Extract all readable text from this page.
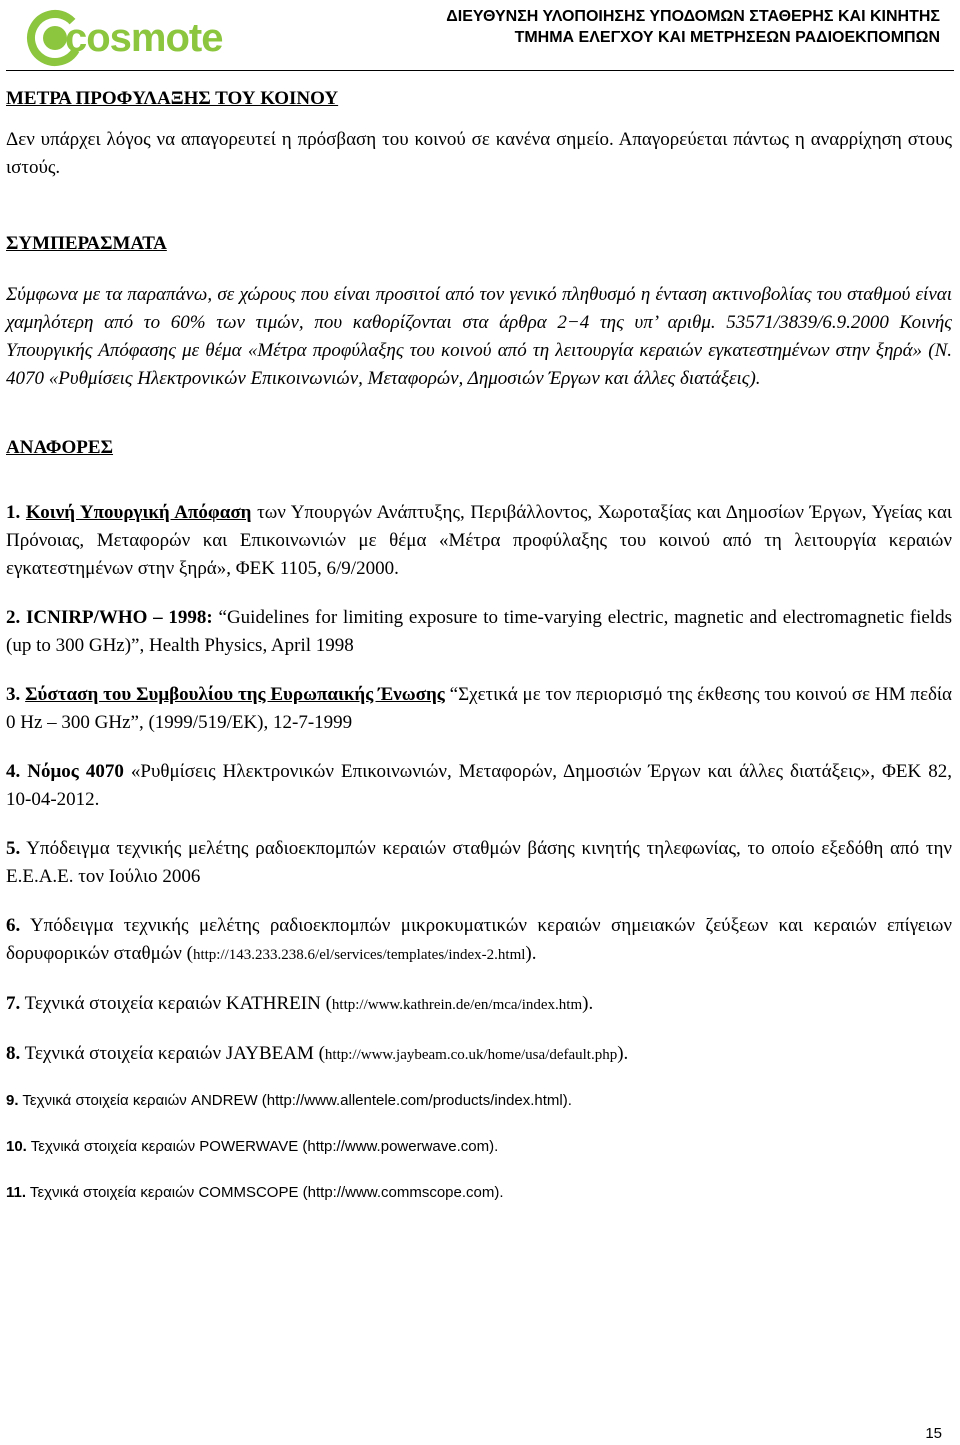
cosmote	ΔΙΕΥΘΥΝΣΗ ΥΛΟΠΟΙΗΣΗΣ ΥΠΟΔΟΜΩΝ ΣΤΑΘΕΡΗΣ ΚΑΙ ΚΙΝΗΤΗΣ
ΤΜΗΜΑ ΕΛΕΓΧΟΥ ΚΑΙ ΜΕΤΡΗΣΕΩΝ ΡΑΔΙΟΕΚΠΟΜΠΩΝ

ΜΕΤΡΑ ΠΡΟΦΥΛΑΞΗΣ ΤΟΥ ΚΟΙΝΟΥ

Δεν υπάρχει λόγος να απαγορευτεί η πρόσβαση του κοινού σε κανένα σημείο. Απαγορεύεται πάντως η αναρρίχηση στους ιστούς.

ΣΥΜΠΕΡΑΣΜΑΤΑ

Σύμφωνα με τα παραπάνω, σε χώρους που είναι προσιτοί από τον γενικό πληθυσμό η ένταση ακτινοβολίας του σταθμού είναι χαμηλότερη από το 60% των τιμών, που καθορίζονται στα άρθρα 2−4 της υπ’ αριθμ. 53571/3839/6.9.2000 Κοινής Υπουργικής Απόφασης με θέμα «Μέτρα προφύλαξης του κοινού από τη λειτουργία κεραιών εγκατεστημένων στην ξηρά» (Ν. 4070 «Ρυθμίσεις Ηλεκτρονικών Επικοινωνιών, Μεταφορών, Δημοσιών Έργων και άλλες διατάξεις).

ΑΝΑΦΟΡΕΣ

1. Κοινή Υπουργική Απόφαση των Υπουργών Ανάπτυξης, Περιβάλλοντος, Χωροταξίας και Δημοσίων Έργων, Υγείας και Πρόνοιας, Μεταφορών και Επικοινωνιών με θέμα «Μέτρα προφύλαξης του κοινού από τη λειτουργία κεραιών εγκατεστημένων στην ξηρά», ΦΕΚ 1105, 6/9/2000.

2. ICNIRP/WHO – 1998: “Guidelines for limiting exposure to time-varying electric, magnetic and electromagnetic fields (up to 300 GHz)”, Health Physics, April 1998

3. Σύσταση του Συμβουλίου της Ευρωπαικής Ένωσης “Σχετικά με τον περιορισμό της έκθεσης του κοινού σε ΗΜ πεδία 0 Hz – 300 GHz”, (1999/519/ΕΚ), 12-7-1999

4. Νόμος 4070 «Ρυθμίσεις Ηλεκτρονικών Επικοινωνιών, Μεταφορών, Δημοσιών Έργων και άλλες διατάξεις», ΦΕΚ 82, 10-04-2012.

5. Υπόδειγμα τεχνικής μελέτης ραδιοεκπομπών κεραιών σταθμών βάσης κινητής τηλεφωνίας, το οποίο εξεδόθη από την Ε.Ε.Α.Ε. τον Ιούλιο 2006

6. Υπόδειγμα τεχνικής μελέτης ραδιοεκπομπών μικροκυματικών κεραιών σημειακών ζεύξεων και κεραιών επίγειων δορυφορικών σταθμών (http://143.233.238.6/el/services/templates/index-2.html).

7. Τεχνικά στοιχεία κεραιών KATHREIN (http://www.kathrein.de/en/mca/index.htm).

8. Τεχνικά στοιχεία κεραιών JAYBEAM (http://www.jaybeam.co.uk/home/usa/default.php).

9. Τεχνικά στοιχεία κεραιών ANDREW (http://www.allentele.com/products/index.html).

10. Τεχνικά στοιχεία κεραιών POWERWAVE (http://www.powerwave.com).

11. Τεχνικά στοιχεία κεραιών COMMSCOPE (http://www.commscope.com).

15
